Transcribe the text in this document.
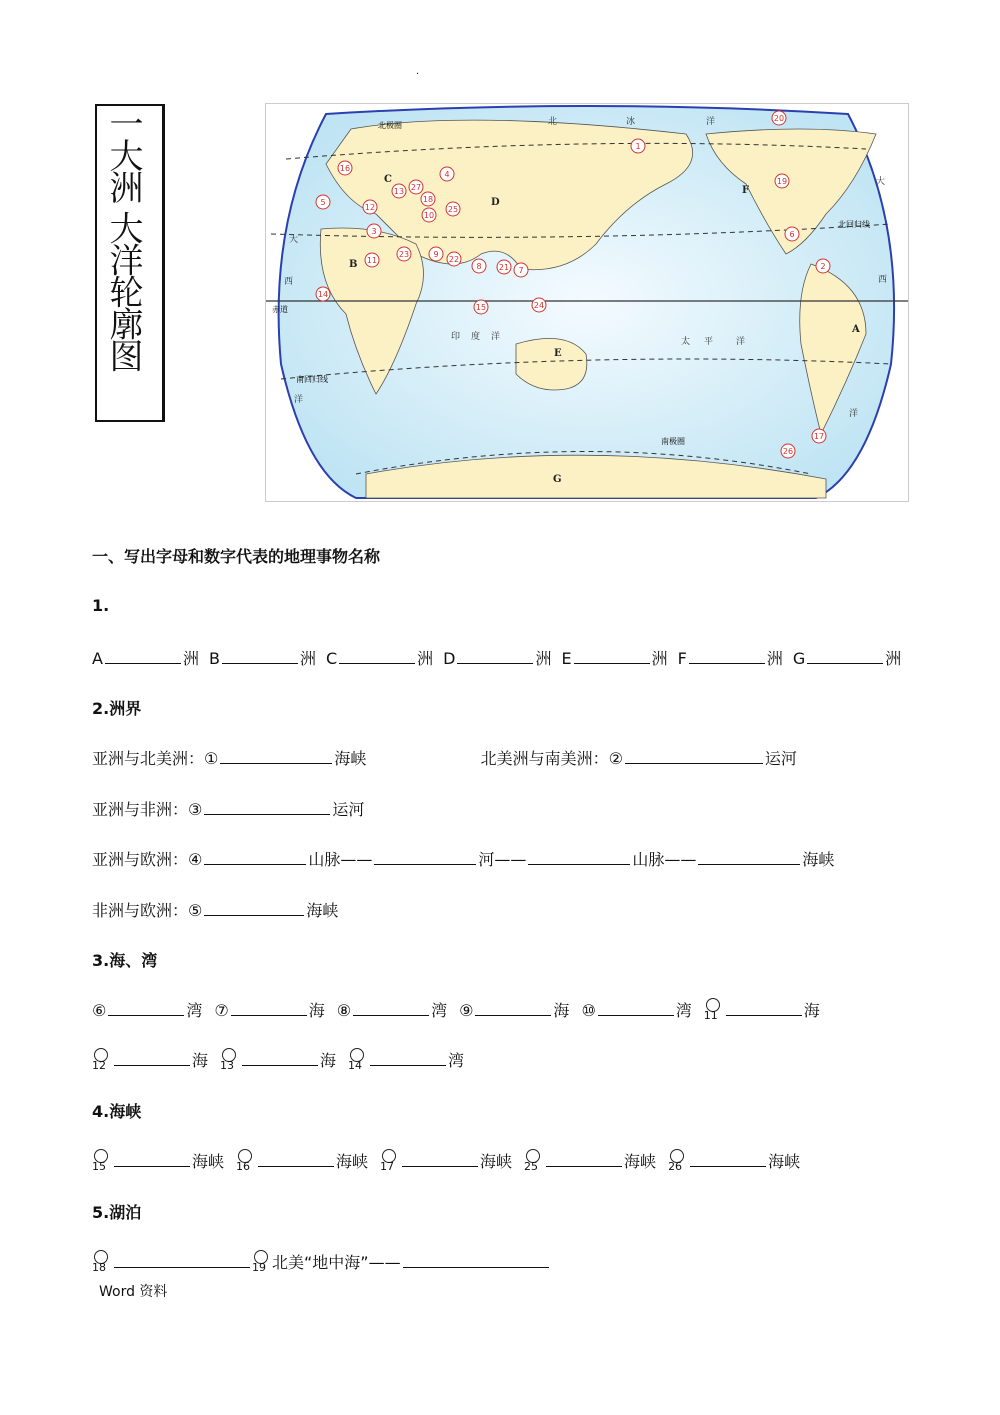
.
一大洲 大洋轮廓图	北极圈
北回归线
赤道
南回归线
南极圈
北	冰	洋
大
西
洋
印 度 洋	太 平	洋
大
西
洋
A
B
C
D
E
F
G
1
2
3
4
5
6
7
8
9
10
11
12
13
14
15
16
17
18
19
20
21
22
23
24
25
26
27
一、写出字母和数字代表的地理事物名称
1.
A	洲 B	洲 C	洲 D	洲 E	洲 F	洲 G	洲
2.洲界
亚洲与北美洲：①	海峡	北美洲与南美洲：②	运河
亚洲与非洲：③	运河
亚洲与欧洲：④	山脉——	河——	山脉——	海峡
非洲与欧洲：⑤	海峡
3.海、湾
⑥	湾 ⑦	海 ⑧	湾 ⑨	海 ⑩	湾 11	海
12	海 13	海 14	湾
4.海峡
15	海峡 16	海峡 17	海峡 25	海峡 26	海峡
5.湖泊
18	19 北美“地中海”——
Word 资料
